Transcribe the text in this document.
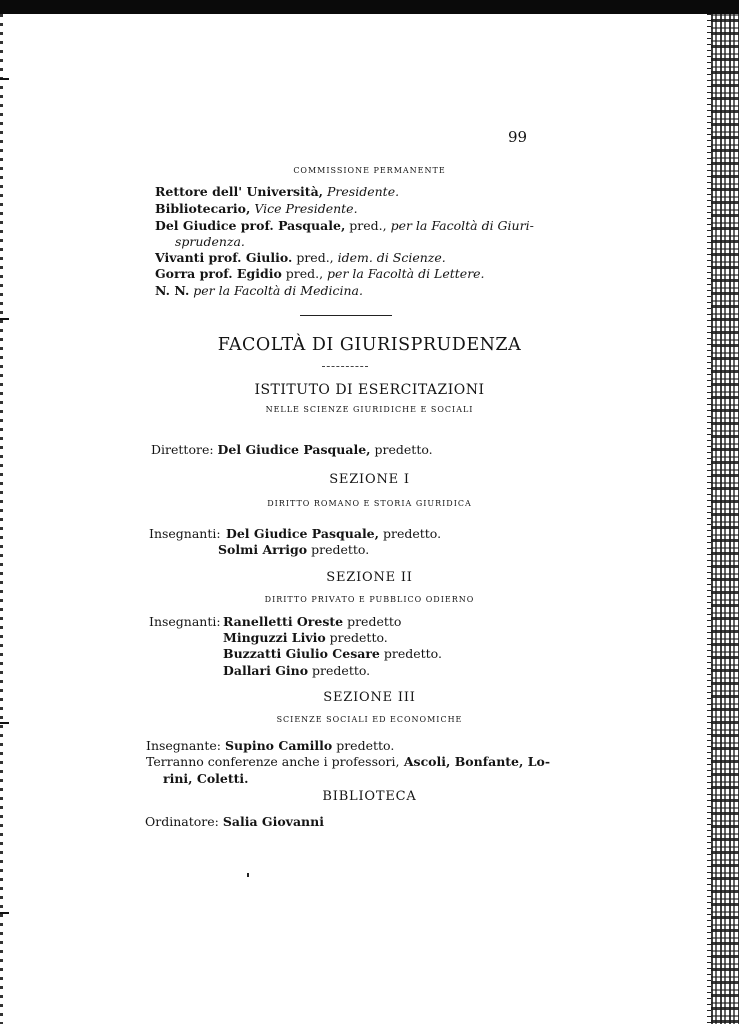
99
COMMISSIONE PERMANENTE
Rettore dell' Università, Presidente.
Bibliotecario, Vice Presidente.
Del Giudice prof. Pasquale, pred., per la Facoltà di Giuri-
sprudenza.
Vivanti prof. Giulio. pred., idem. di Scienze.
Gorra prof. Egidio pred., per la Facoltà di Lettere.
N. N. per la Facoltà di Medicina.
FACOLTÀ DI GIURISPRUDENZA
ISTITUTO DI ESERCITAZIONI
NELLE SCIENZE GIURIDICHE E SOCIALI
Direttore: Del Giudice Pasquale, predetto.
SEZIONE I
DIRITTO ROMANO E STORIA GIURIDICA
Insegnanti: Del Giudice Pasquale, predetto.
Solmi Arrigo predetto.
SEZIONE II
DIRITTO PRIVATO E PUBBLICO ODIERNO
Insegnanti: Ranelletti Oreste predetto
Minguzzi Livio predetto.
Buzzatti Giulio Cesare predetto.
Dallari Gino predetto.
SEZIONE III
SCIENZE SOCIALI ED ECONOMICHE
Insegnante: Supino Camillo predetto.
Terranno conferenze anche i professori, Ascoli, Bonfante, Lo-
rini, Coletti.
BIBLIOTECA
Ordinatore: Salia Giovanni
